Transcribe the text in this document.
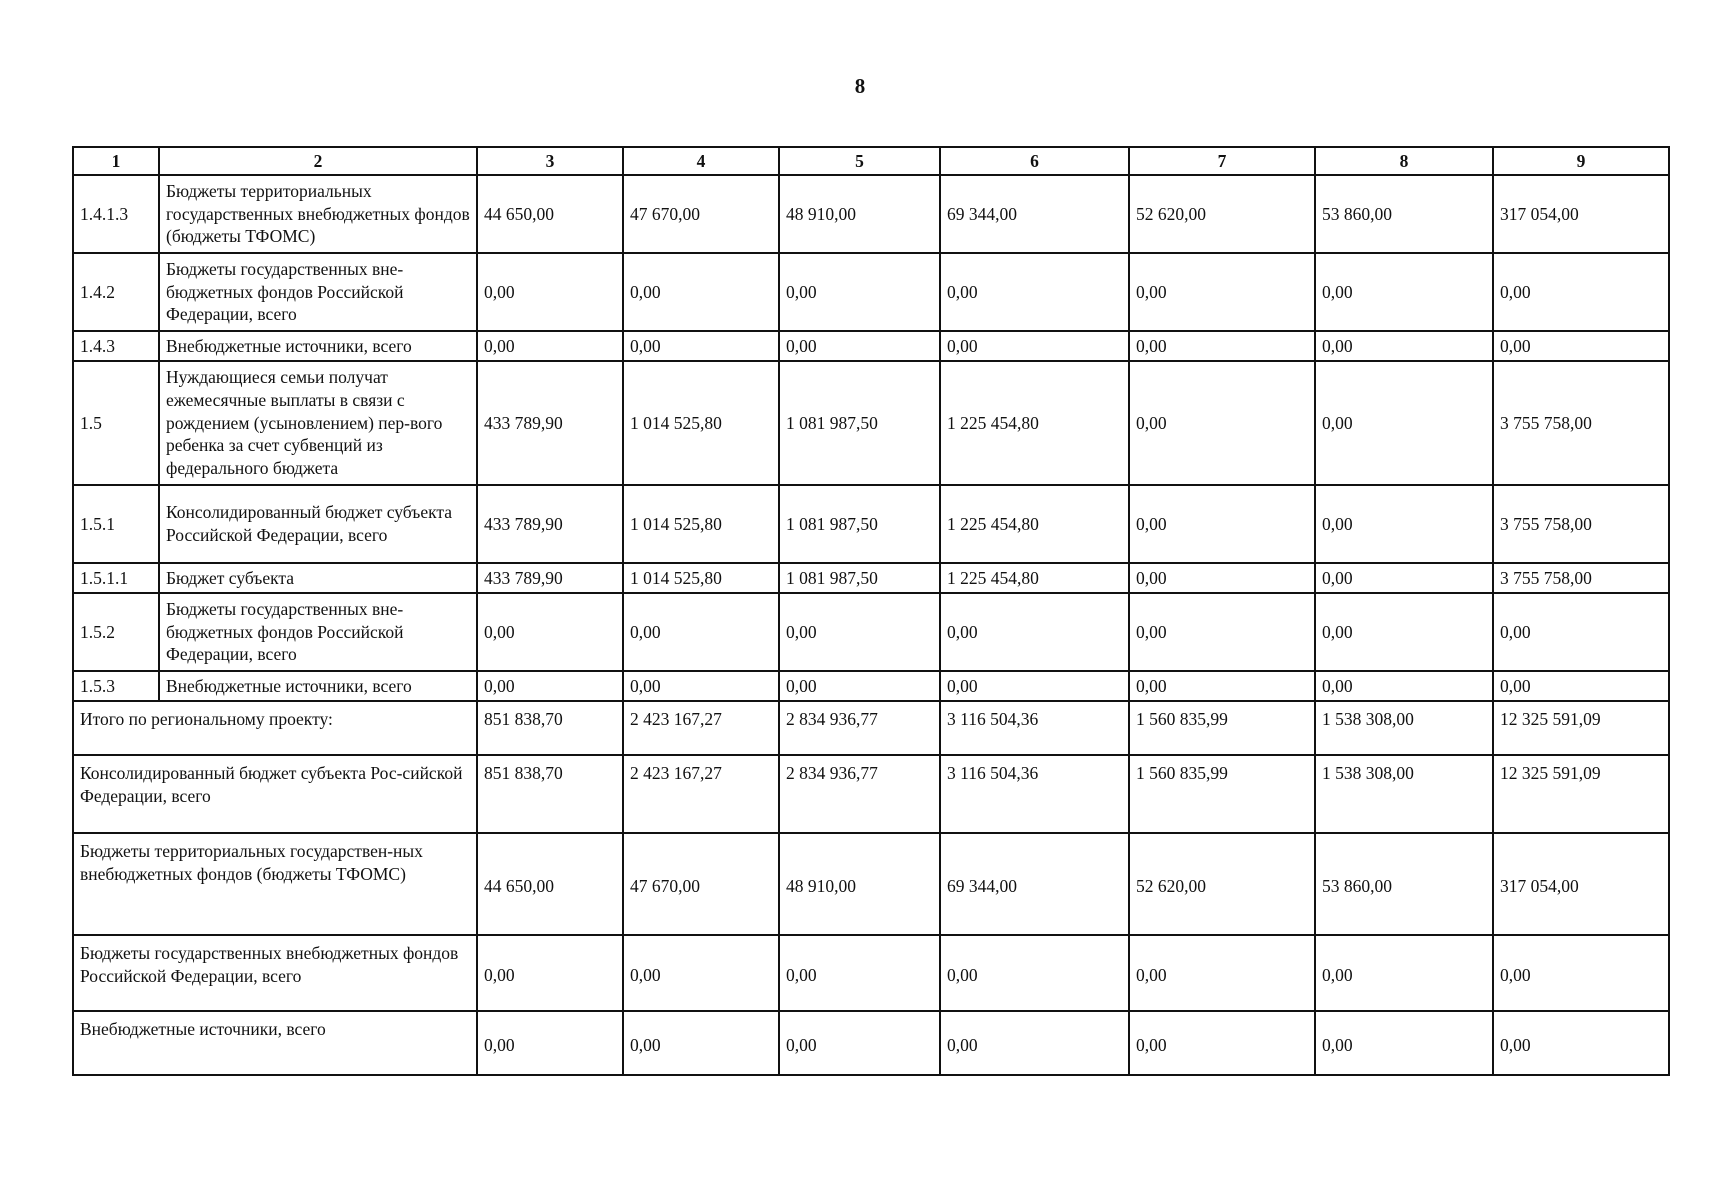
8
1	2	3	4	5	6	7	8	9
1.4.1.3	Бюджеты территориальных государственных внебюджетных фондов (бюджеты ТФОМС)	44 650,00	47 670,00	48 910,00	69 344,00	52 620,00	53 860,00	317 054,00
1.4.2	Бюджеты государственных вне-бюджетных фондов Российской Федерации, всего	0,00	0,00	0,00	0,00	0,00	0,00	0,00
1.4.3	Внебюджетные источники, всего	0,00	0,00	0,00	0,00	0,00	0,00	0,00
1.5	Нуждающиеся семьи получат ежемесячные выплаты в связи с рождением (усыновлением) пер-вого ребенка за счет субвенций из федерального бюджета	433 789,90	1 014 525,80	1 081 987,50	1 225 454,80	0,00	0,00	3 755 758,00
1.5.1	Консолидированный бюджет субъекта Российской Федерации, всего	433 789,90	1 014 525,80	1 081 987,50	1 225 454,80	0,00	0,00	3 755 758,00
1.5.1.1	Бюджет субъекта	433 789,90	1 014 525,80	1 081 987,50	1 225 454,80	0,00	0,00	3 755 758,00
1.5.2	Бюджеты государственных вне-бюджетных фондов Российской Федерации, всего	0,00	0,00	0,00	0,00	0,00	0,00	0,00
1.5.3	Внебюджетные источники, всего	0,00	0,00	0,00	0,00	0,00	0,00	0,00
Итого по региональному проекту:		851 838,70	2 423 167,27	2 834 936,77	3 116 504,36	1 560 835,99	1 538 308,00	12 325 591,09
Консолидированный бюджет субъекта Рос-сийской Федерации, всего		851 838,70	2 423 167,27	2 834 936,77	3 116 504,36	1 560 835,99	1 538 308,00	12 325 591,09
Бюджеты территориальных государствен-ных внебюджетных фондов (бюджеты ТФОМС)		44 650,00	47 670,00	48 910,00	69 344,00	52 620,00	53 860,00	317 054,00
Бюджеты государственных внебюджетных фондов Российской Федерации, всего		0,00	0,00	0,00	0,00	0,00	0,00	0,00
Внебюджетные источники, всего		0,00	0,00	0,00	0,00	0,00	0,00	0,00
